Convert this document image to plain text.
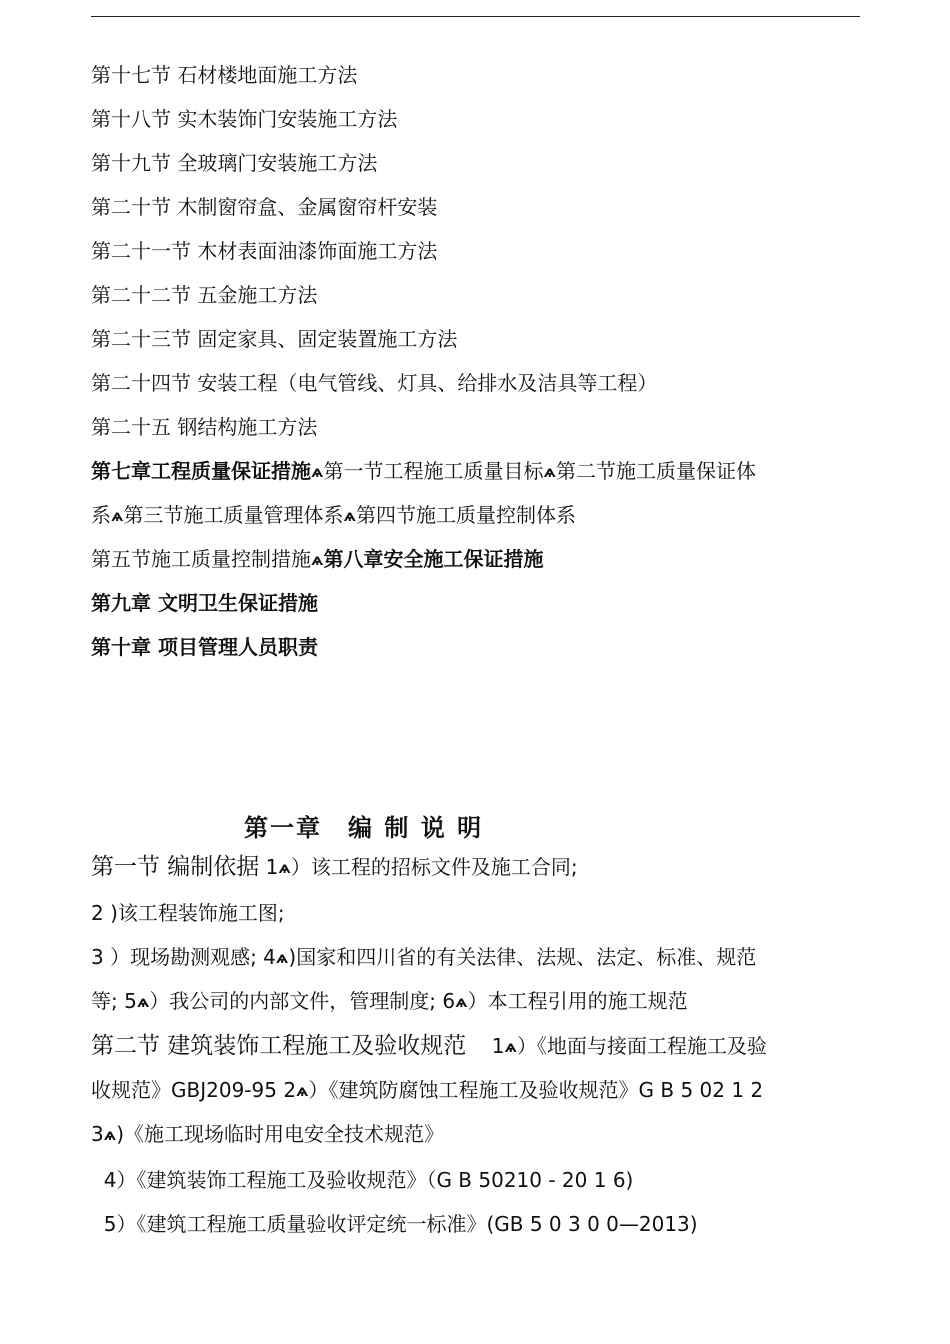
第十七节 石材楼地面施工方法
第十八节 实木装饰门安装施工方法
第十九节 全玻璃门安装施工方法
第二十节 木制窗帘盒、金属窗帘杆安装
第二十一节 木材表面油漆饰面施工方法
第二十二节 五金施工方法
第二十三节 固定家具、固定装置施工方法
第二十四节 安装工程（电气管线、灯具、给排水及洁具等工程）
第二十五 钢结构施工方法
第七章工程质量保证措施ѧ第一节工程施工质量目标ѧ第二节施工质量保证体
系ѧ第三节施工质量管理体系ѧ第四节施工质量控制体系
第五节施工质量控制措施ѧ第八章安全施工保证措施
第九章 文明卫生保证措施
第十章 项目管理人员职责
第一章 编 制 说 明
第一节 编制依据 1ѧ）该工程的招标文件及施工合同;
2 )该工程装饰施工图;
3 ）现场勘测观感; 4ѧ)国家和四川省的有关法律、法规、法定、标准、规范
等; 5ѧ）我公司的内部文件，管理制度; 6ѧ）本工程引用的施工规范
第二节 建筑装饰工程施工及验收规范    1ѧ）《地面与接面工程施工及验
收规范》GBJ209-95 2ѧ）《建筑防腐蚀工程施工及验收规范》G B 5 02 1 2
3ѧ)《施工现场临时用电安全技术规范》
4）《建筑装饰工程施工及验收规范》（G B 50210 - 20 1 6)
5）《建筑工程施工质量验收评定统一标准》(GB 5 0 3 0 0—2013)
